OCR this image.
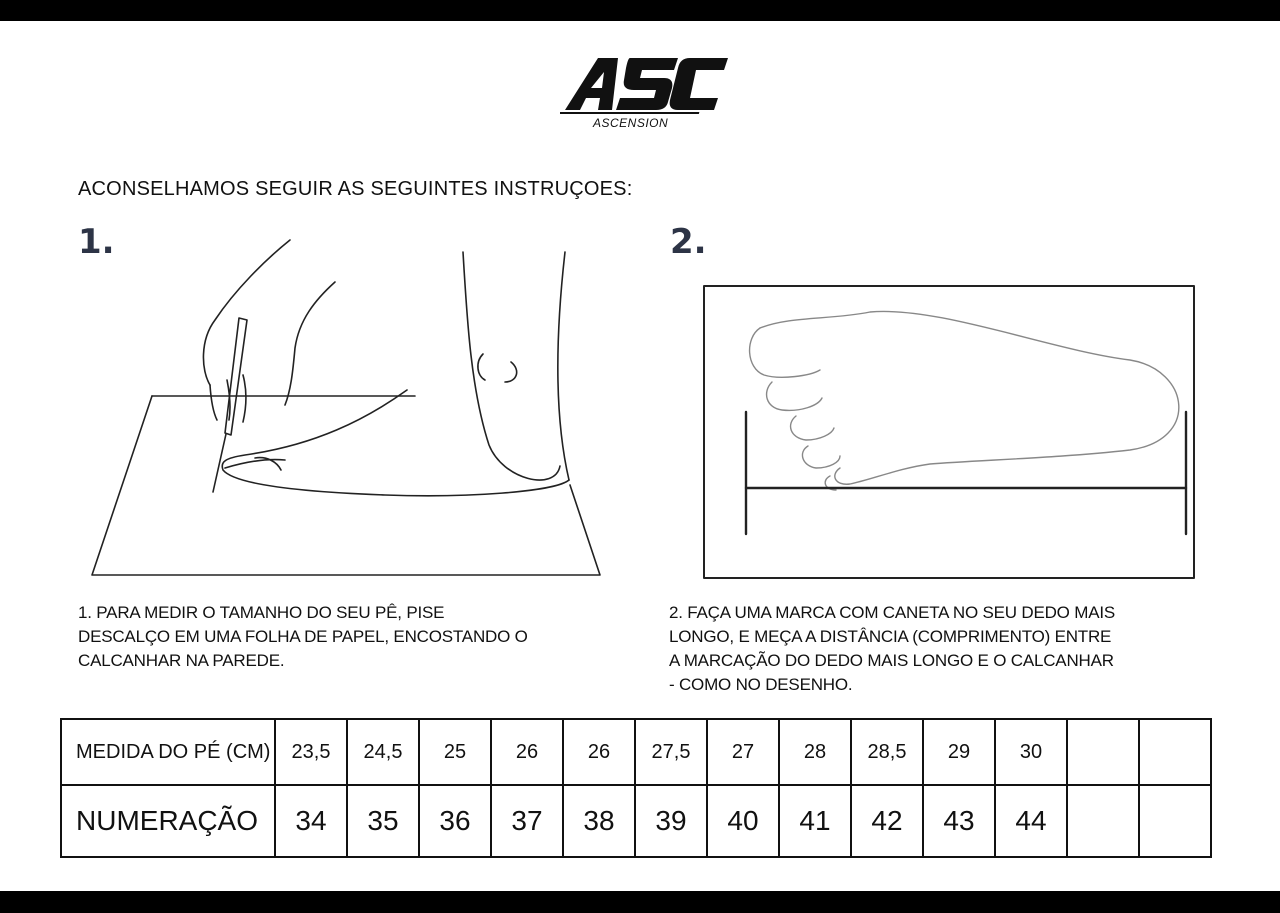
ASCENSION
ACONSELHAMOS SEGUIR AS SEGUINTES INSTRUÇOES:
1.	2.
1. PARA MEDIR O TAMANHO DO SEU PÊ, PISE
DESCALÇO EM UMA FOLHA DE PAPEL, ENCOSTANDO O
CALCANHAR NA PAREDE.
2. FAÇA UMA MARCA COM CANETA NO SEU DEDO MAIS
LONGO, E MEÇA A DISTÂNCIA (COMPRIMENTO) ENTRE
A MARCAÇÃO DO DEDO MAIS LONGO E O CALCANHAR
- COMO NO DESENHO.
MEDIDA DO PÉ (CM)	23,5	24,5	25	26	26	27,5	27	28	28,5	29	30		
NUMERAÇÃO	34	35	36	37	38	39	40	41	42	43	44		
